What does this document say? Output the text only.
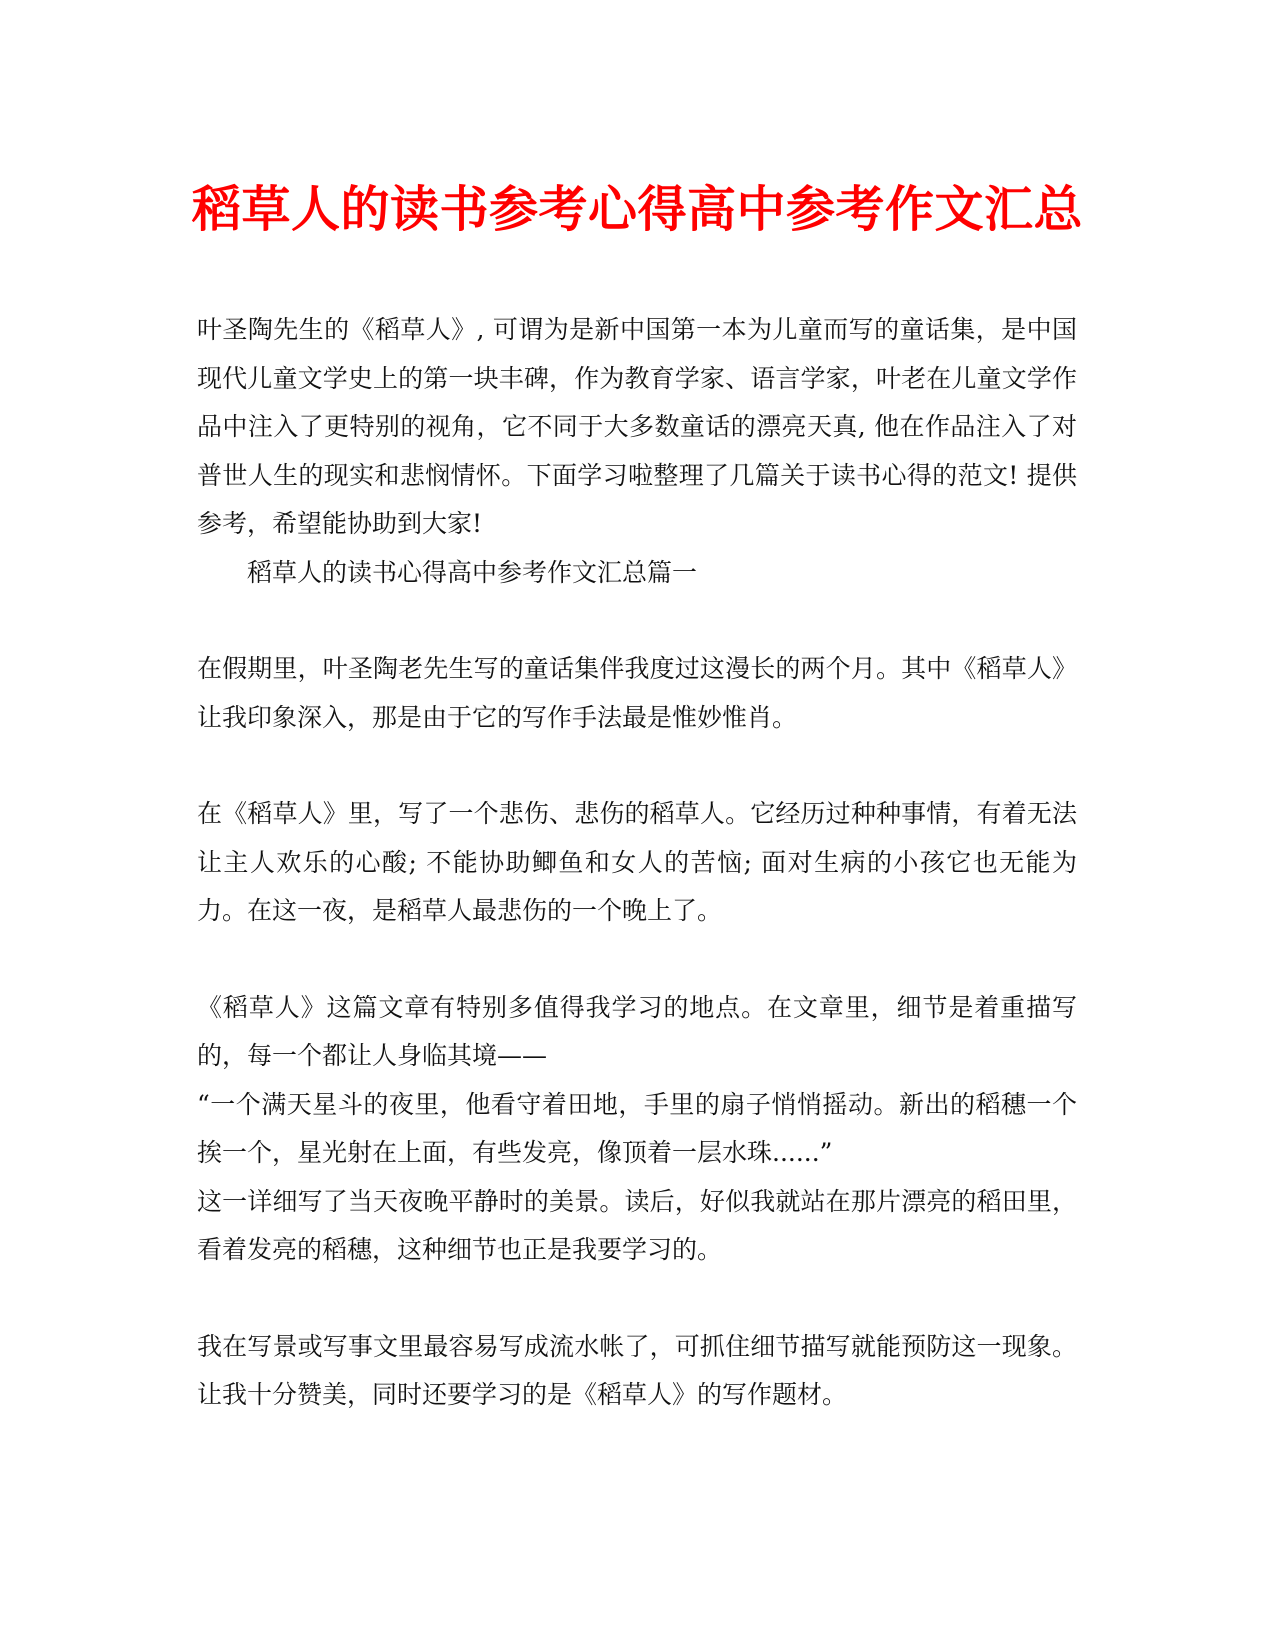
稻草人的读书参考心得高中参考作文汇总

叶圣陶先生的《稻草人》, 可谓为是新中国第一本为儿童而写的童话集，是中国现代儿童文学史上的第一块丰碑，作为教育学家、语言学家，叶老在儿童文学作品中注入了更特别的视角，它不同于大多数童话的漂亮天真, 他在作品注入了对普世人生的现实和悲悯情怀。下面学习啦整理了几篇关于读书心得的范文! 提供参考，希望能协助到大家!

稻草人的读书心得高中参考作文汇总篇一

在假期里，叶圣陶老先生写的童话集伴我度过这漫长的两个月。其中《稻草人》让我印象深入，那是由于它的写作手法最是惟妙惟肖。

在《稻草人》里，写了一个悲伤、悲伤的稻草人。它经历过种种事情，有着无法让主人欢乐的心酸; 不能协助鲫鱼和女人的苦恼; 面对生病的小孩它也无能为力。在这一夜，是稻草人最悲伤的一个晚上了。

《稻草人》这篇文章有特别多值得我学习的地点。在文章里，细节是着重描写的，每一个都让人身临其境——

“一个满天星斗的夜里，他看守着田地，手里的扇子悄悄摇动。新出的稻穗一个挨一个，星光射在上面，有些发亮，像顶着一层水珠......”

这一详细写了当天夜晚平静时的美景。读后，好似我就站在那片漂亮的稻田里，看着发亮的稻穗，这种细节也正是我要学习的。

我在写景或写事文里最容易写成流水帐了，可抓住细节描写就能预防这一现象。让我十分赞美，同时还要学习的是《稻草人》的写作题材。
